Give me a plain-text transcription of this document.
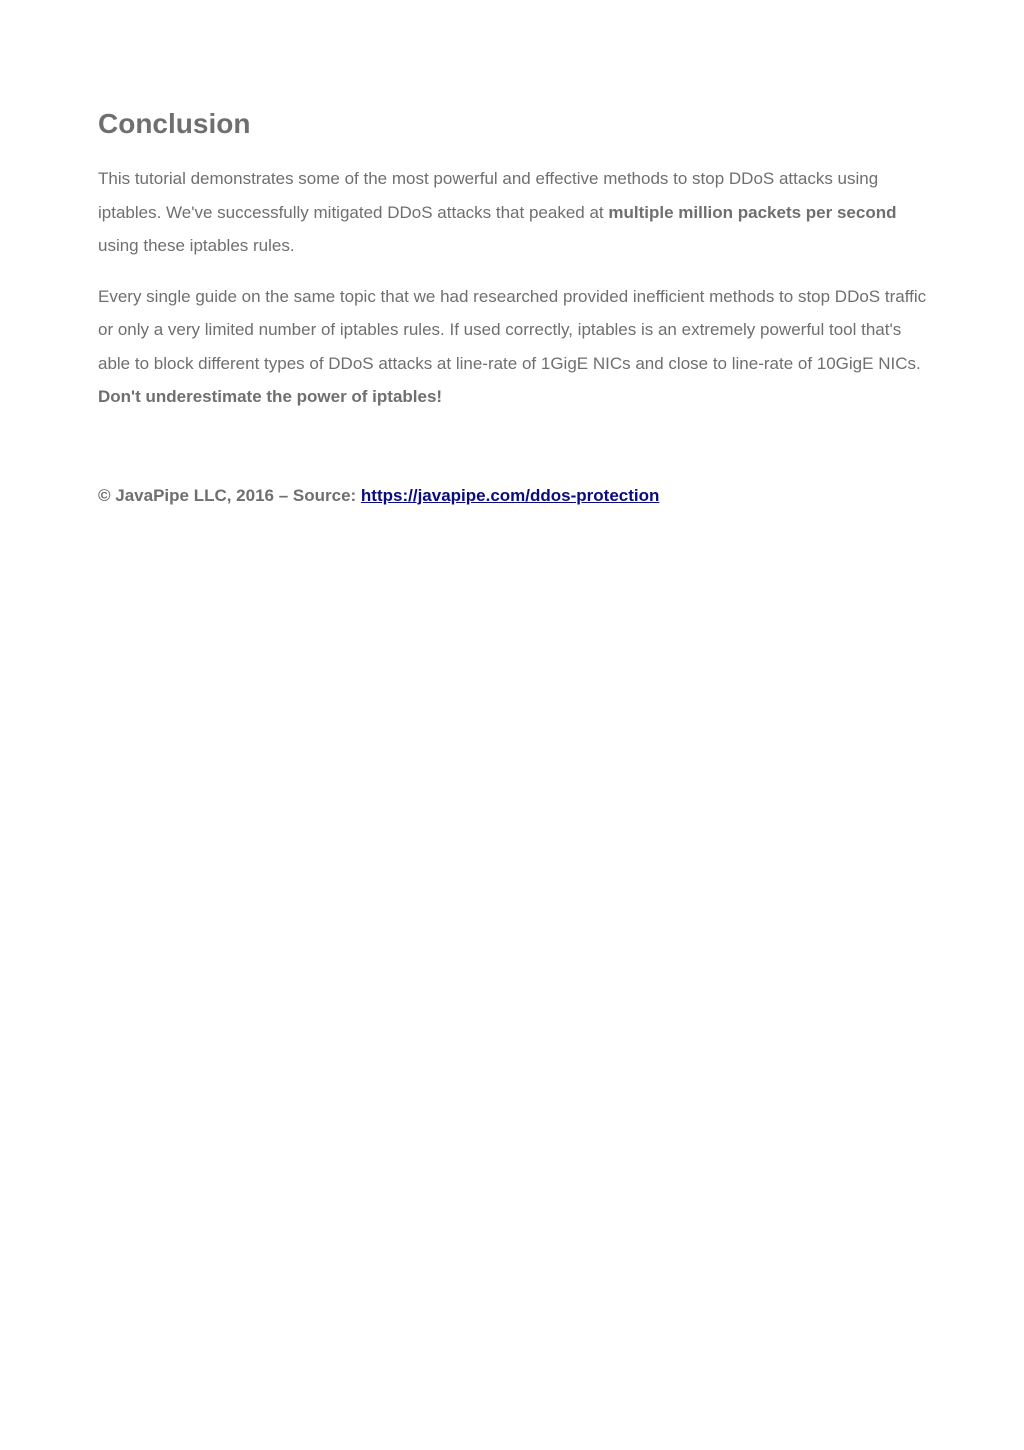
Conclusion

This tutorial demonstrates some of the most powerful and effective methods to stop DDoS attacks using iptables. We've successfully mitigated DDoS attacks that peaked at multiple million packets per second using these iptables rules.

Every single guide on the same topic that we had researched provided inefficient methods to stop DDoS traffic or only a very limited number of iptables rules. If used correctly, iptables is an extremely powerful tool that's able to block different types of DDoS attacks at line-rate of 1GigE NICs and close to line-rate of 10GigE NICs. Don't underestimate the power of iptables!

© JavaPipe LLC, 2016 – Source: https://javapipe.com/ddos-protection
